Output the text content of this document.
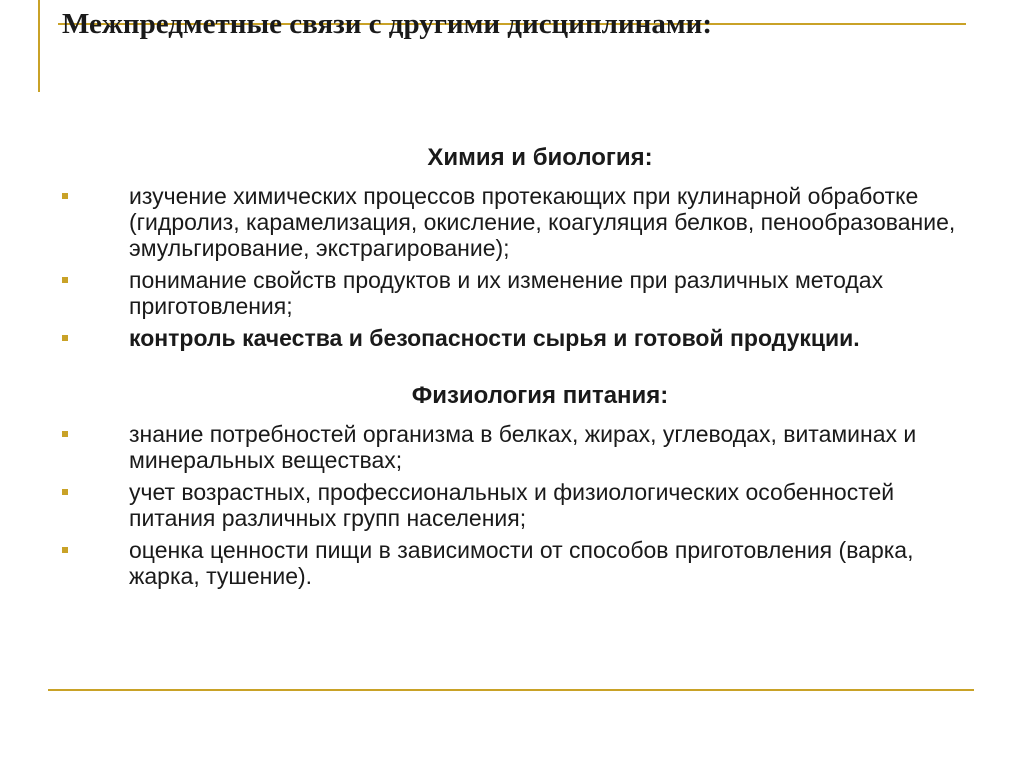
Межпредметные связи с другими дисциплинами:
Химия и биология:
изучение химических процессов протекающих при кулинарной обработке (гидролиз, карамелизация, окисление, коагуляция белков, пенообразование, эмульгирование, экстрагирование);
понимание свойств продуктов и их изменение при различных методах приготовления;
контроль качества и безопасности сырья и готовой продукции.
Физиология питания:
знание потребностей организма в белках, жирах, углеводах, витаминах и минеральных веществах;
учет возрастных, профессиональных и физиологических особенностей питания различных групп населения;
оценка ценности пищи в зависимости от способов приготовления (варка, жарка, тушение).
